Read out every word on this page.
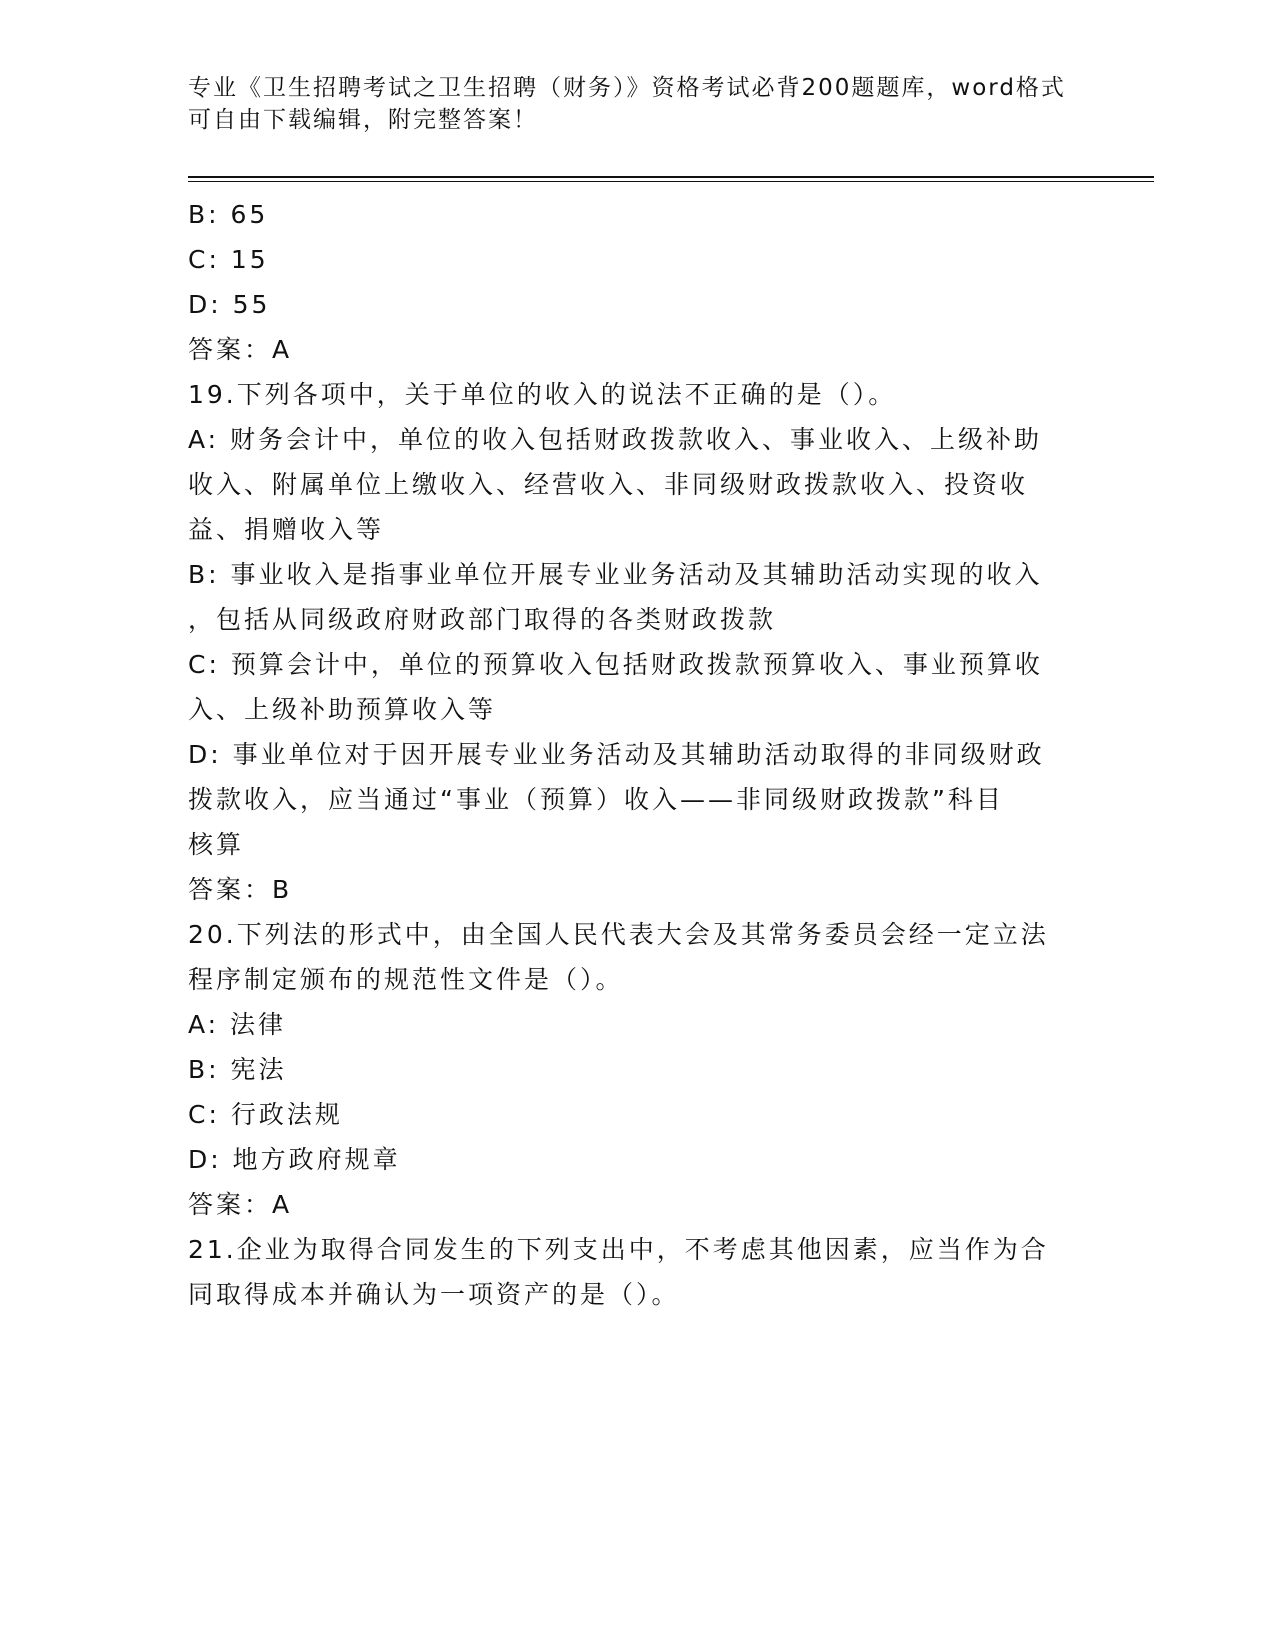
专业《卫生招聘考试之卫生招聘（财务）》资格考试必背200题题库，word格式
可自由下载编辑，附完整答案！
B: 65
C: 15
D: 55
答案：A
19.下列各项中，关于单位的收入的说法不正确的是（）。
A: 财务会计中，单位的收入包括财政拨款收入、事业收入、上级补助
收入、附属单位上缴收入、经营收入、非同级财政拨款收入、投资收
益、捐赠收入等
B: 事业收入是指事业单位开展专业业务活动及其辅助活动实现的收入
，包括从同级政府财政部门取得的各类财政拨款
C: 预算会计中，单位的预算收入包括财政拨款预算收入、事业预算收
入、上级补助预算收入等
D: 事业单位对于因开展专业业务活动及其辅助活动取得的非同级财政
拨款收入，应当通过“事业（预算）收入——非同级财政拨款”科目
核算
答案：B
20.下列法的形式中，由全国人民代表大会及其常务委员会经一定立法
程序制定颁布的规范性文件是（）。
A: 法律
B: 宪法
C: 行政法规
D: 地方政府规章
答案：A
21.企业为取得合同发生的下列支出中，不考虑其他因素，应当作为合
同取得成本并确认为一项资产的是（）。
